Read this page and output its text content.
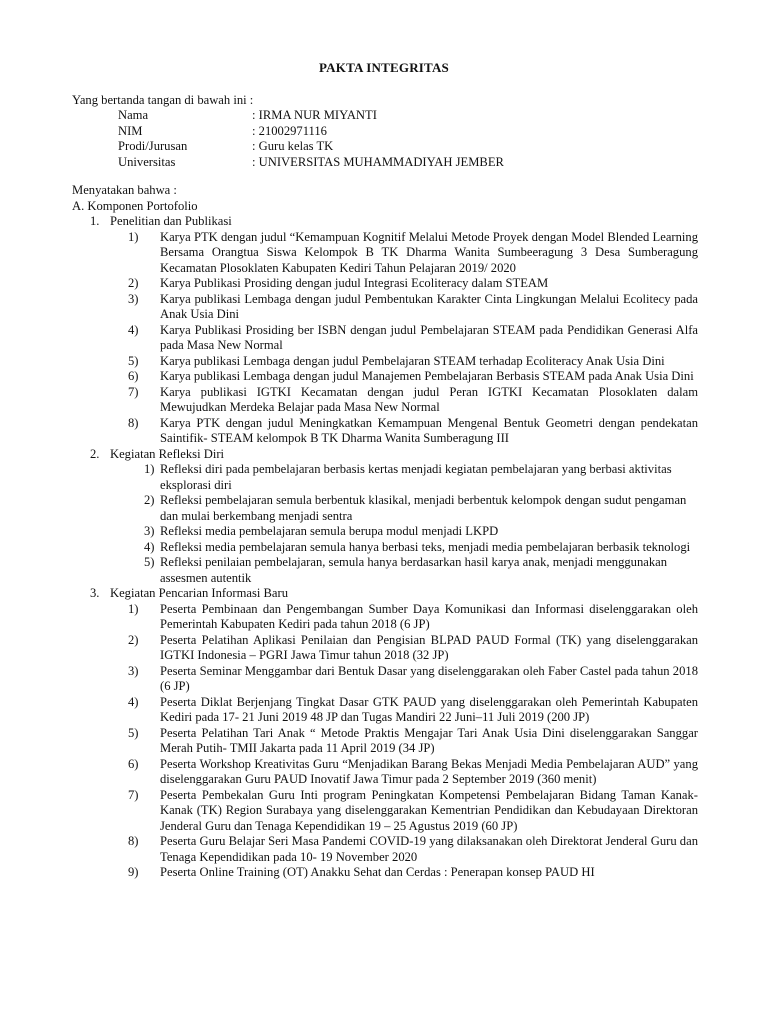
PAKTA INTEGRITAS
Yang bertanda tangan di bawah ini :
Nama	: IRMA NUR MIYANTI
NIM	: 21002971116
Prodi/Jurusan	: Guru kelas TK
Universitas	: UNIVERSITAS MUHAMMADIYAH JEMBER
Menyatakan bahwa :
A. Komponen Portofolio
1. Penelitian dan Publikasi
1)	Karya PTK dengan judul “Kemampuan Kognitif Melalui Metode Proyek dengan Model Blended Learning Bersama Orangtua Siswa Kelompok B TK Dharma Wanita Sumbeeragung 3 Desa Sumberagung Kecamatan Plosoklaten Kabupaten Kediri Tahun Pelajaran 2019/ 2020
2)	Karya Publikasi Prosiding dengan judul Integrasi Ecoliteracy dalam STEAM
3)	Karya publikasi Lembaga dengan judul Pembentukan Karakter Cinta Lingkungan Melalui Ecolitecy pada Anak Usia Dini
4)	Karya Publikasi Prosiding ber ISBN dengan judul Pembelajaran STEAM pada Pendidikan Generasi Alfa pada Masa New Normal
5)	Karya publikasi Lembaga dengan judul Pembelajaran STEAM terhadap Ecoliteracy Anak Usia Dini
6)	Karya publikasi Lembaga dengan judul Manajemen Pembelajaran Berbasis STEAM pada Anak Usia Dini
7)	Karya publikasi IGTKI Kecamatan dengan judul Peran IGTKI Kecamatan Plosoklaten dalam Mewujudkan Merdeka Belajar pada Masa New Normal
8)	Karya PTK dengan judul Meningkatkan Kemampuan Mengenal Bentuk Geometri dengan pendekatan Saintifik- STEAM kelompok B TK Dharma Wanita Sumberagung III
2. Kegiatan Refleksi Diri
1) Refleksi diri pada pembelajaran berbasis kertas menjadi kegiatan pembelajaran yang berbasi aktivitas eksplorasi diri
2) Refleksi pembelajaran semula berbentuk klasikal, menjadi berbentuk kelompok dengan sudut pengaman dan mulai berkembang menjadi sentra
3) Refleksi media pembelajaran semula berupa modul menjadi LKPD
4) Refleksi media pembelajaran semula hanya berbasi teks, menjadi media pembelajaran berbasik teknologi
5) Refleksi penilaian pembelajaran, semula hanya berdasarkan hasil karya anak, menjadi menggunakan assesmen autentik
3. Kegiatan Pencarian Informasi Baru
1)	Peserta Pembinaan dan Pengembangan Sumber Daya Komunikasi dan Informasi diselenggarakan oleh Pemerintah Kabupaten Kediri pada tahun 2018 (6 JP)
2)	Peserta Pelatihan Aplikasi Penilaian dan Pengisian BLPAD PAUD Formal (TK) yang diselenggarakan IGTKI Indonesia – PGRI Jawa Timur tahun 2018 (32 JP)
3)	Peserta Seminar Menggambar dari Bentuk Dasar yang diselenggarakan oleh Faber Castel pada tahun 2018 (6 JP)
4)	Peserta Diklat Berjenjang Tingkat Dasar GTK PAUD yang diselenggarakan oleh Pemerintah Kabupaten Kediri pada 17- 21 Juni 2019 48 JP dan Tugas Mandiri 22 Juni–11 Juli 2019 (200 JP)
5)	Peserta Pelatihan Tari Anak “ Metode Praktis Mengajar Tari Anak Usia Dini diselenggarakan Sanggar Merah Putih- TMII Jakarta pada 11 April 2019 (34 JP)
6)	Peserta Workshop Kreativitas Guru “Menjadikan Barang Bekas Menjadi Media Pembelajaran AUD” yang diselenggarakan Guru PAUD Inovatif Jawa Timur pada 2 September 2019 (360 menit)
7)	Peserta Pembekalan Guru Inti program Peningkatan Kompetensi Pembelajaran Bidang Taman Kanak- Kanak (TK) Region Surabaya yang diselenggarakan Kementrian Pendidikan dan Kebudayaan Direktoran Jenderal Guru dan Tenaga Kependidikan 19 – 25 Agustus 2019 (60 JP)
8)	Peserta Guru Belajar Seri Masa Pandemi COVID-19 yang dilaksanakan oleh Direktorat Jenderal Guru dan Tenaga Kependidikan pada 10- 19 November 2020
9)	Peserta Online Training (OT) Anakku Sehat dan Cerdas : Penerapan konsep PAUD HI
